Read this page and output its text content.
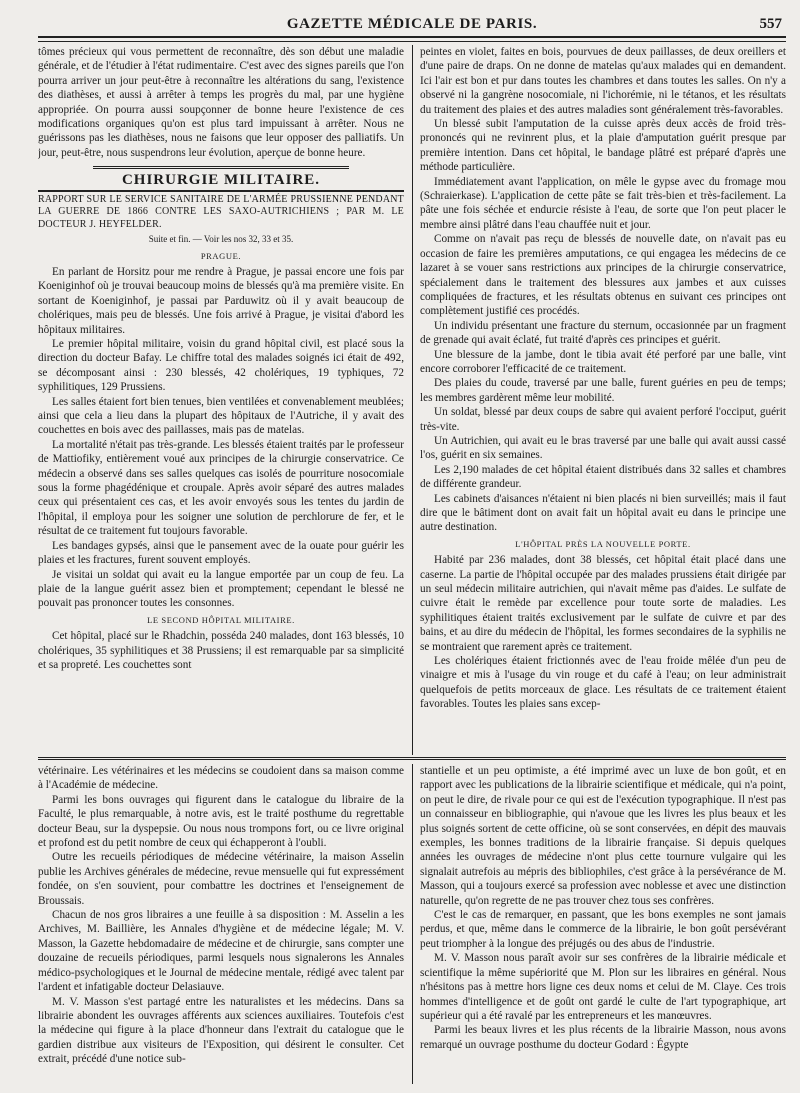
GAZETTE MÉDICALE DE PARIS.	557

tômes précieux qui vous permettent de reconnaître, dès son début une maladie générale, et de l'étudier à l'état rudimentaire. C'est avec des signes pareils que l'on pourra arriver un jour peut-être à reconnaître les altérations du sang, l'existence des diathèses, et aussi à arrêter à temps les progrès du mal, par une hygiène appropriée. On pourra aussi soupçonner de bonne heure l'existence de ces modifications organiques qu'on est plus tard impuissant à arrêter. Nous ne guérissons pas les diathèses, nous ne faisons que leur opposer des palliatifs. Un jour, peut-être, nous suspendrons leur évolution, aperçue de bonne heure.

CHIRURGIE MILITAIRE.

RAPPORT SUR LE SERVICE SANITAIRE DE L'ARMÉE PRUSSIENNE PENDANT LA GUERRE DE 1866 CONTRE LES SAXO-AUTRICHIENS ; PAR M. LE DOCTEUR J. HEYFELDER.

Suite et fin. — Voir les nos 32, 33 et 35.
PRAGUE.

En parlant de Horsitz pour me rendre à Prague, je passai encore une fois par Koeniginhof où je trouvai beaucoup moins de blessés qu'à ma première visite. En sortant de Koeniginhof, je passai par Parduwitz où il y avait beaucoup de cholériques, mais peu de blessés. Une fois arrivé à Prague, je visitai d'abord les hôpitaux militaires.

Le premier hôpital militaire, voisin du grand hôpital civil, est placé sous la direction du docteur Bafay. Le chiffre total des malades soignés ici était de 492, se décomposant ainsi : 230 blessés, 42 cholériques, 19 typhiques, 72 syphilitiques, 129 Prussiens.

Les salles étaient fort bien tenues, bien ventilées et convenablement meublées; ainsi que cela a lieu dans la plupart des hôpitaux de l'Autriche, il y avait des couchettes en bois avec des paillasses, mais pas de matelas.

La mortalité n'était pas très-grande. Les blessés étaient traités par le professeur de Mattiofiky, entièrement voué aux principes de la chirurgie conservatrice. Ce médecin a observé dans ses salles quelques cas isolés de pourriture nosocomiale sous la forme phagédénique et croupale. Après avoir séparé des autres malades ceux qui présentaient ces cas, et les avoir envoyés sous les tentes du jardin de l'hôpital, il employa pour les soigner une solution de perchlorure de fer, et le résultat de ce traitement fut toujours favorable.

Les bandages gypsés, ainsi que le pansement avec de la ouate pour guérir les plaies et les fractures, furent souvent employés.

Je visitai un soldat qui avait eu la langue emportée par un coup de feu. La plaie de la langue guérit assez bien et promptement; cependant le blessé ne pouvait pas prononcer toutes les consonnes.

LE SECOND HÔPITAL MILITAIRE.

Cet hôpital, placé sur le Rhadchin, posséda 240 malades, dont 163 blessés, 10 cholériques, 35 syphilitiques et 38 Prussiens; il est remarquable par sa simplicité et sa propreté. Les couchettes sont

peintes en violet, faites en bois, pourvues de deux paillasses, de deux oreillers et d'une paire de draps. On ne donne de matelas qu'aux malades qui en demandent. Ici l'air est bon et pur dans toutes les chambres et dans toutes les salles. On n'y a observé ni la gangrène nosocomiale, ni l'ichorémie, ni le tétanos, et les résultats du traitement des plaies et des autres maladies sont généralement très-favorables.

Un blessé subit l'amputation de la cuisse après deux accès de froid très-prononcés qui ne revinrent plus, et la plaie d'amputation guérit presque par première intention. Dans cet hôpital, le bandage plâtré est préparé d'après une méthode particulière.

Immédiatement avant l'application, on mêle le gypse avec du fromage mou (Schraierkase). L'application de cette pâte se fait très-bien et très-facilement. La pâte une fois séchée et endurcie résiste à l'eau, de sorte que l'on peut placer le membre ainsi plâtré dans l'eau chauffée nuit et jour.

Comme on n'avait pas reçu de blessés de nouvelle date, on n'avait pas eu occasion de faire les premières amputations, ce qui engagea les médecins de ce lazaret à se vouer sans restrictions aux principes de la chirurgie conservatrice, spécialement dans le traitement des blessures aux jambes et aux cuisses compliquées de fractures, et les résultats obtenus en suivant ces principes ont complètement justifié ces procédés.

Un individu présentant une fracture du sternum, occasionnée par un fragment de grenade qui avait éclaté, fut traité d'après ces principes et guérit.

Une blessure de la jambe, dont le tibia avait été perforé par une balle, vint encore corroborer l'efficacité de ce traitement.

Des plaies du coude, traversé par une balle, furent guéries en peu de temps; les membres gardèrent même leur mobilité.

Un soldat, blessé par deux coups de sabre qui avaient perforé l'occiput, guérit très-vite.

Un Autrichien, qui avait eu le bras traversé par une balle qui avait aussi cassé l'os, guérit en six semaines.

Les 2,190 malades de cet hôpital étaient distribués dans 32 salles et chambres de différente grandeur.

Les cabinets d'aisances n'étaient ni bien placés ni bien surveillés; mais il faut dire que le bâtiment dont on avait fait un hôpital avait eu dans le principe une autre destination.

L'HÔPITAL PRÈS LA NOUVELLE PORTE.

Habité par 236 malades, dont 38 blessés, cet hôpital était placé dans une caserne. La partie de l'hôpital occupée par des malades prussiens était dirigée par un seul médecin militaire autrichien, qui n'avait même pas d'aides. Le sulfate de cuivre était le remède par excellence pour toute sorte de maladies. Les syphilitiques étaient traités exclusivement par le sulfate de cuivre et par des bains, et au dire du médecin de l'hôpital, les formes secondaires de la syphilis ne se montraient que rarement après ce traitement.

Les cholériques étaient frictionnés avec de l'eau froide mêlée d'un peu de vinaigre et mis à l'usage du vin rouge et du café à l'eau; on leur administrait quelquefois de petits morceaux de glace. Les résultats de ce traitement étaient favorables. Toutes les plaies sans excep-

vétérinaire. Les vétérinaires et les médecins se coudoient dans sa maison comme à l'Académie de médecine.

Parmi les bons ouvrages qui figurent dans le catalogue du libraire de la Faculté, le plus remarquable, à notre avis, est le traité posthume du regrettable docteur Beau, sur la dyspepsie. Ou nous nous trompons fort, ou ce livre original et profond est du petit nombre de ceux qui échapperont à l'oubli.

Outre les recueils périodiques de médecine vétérinaire, la maison Asselin publie les Archives générales de médecine, revue mensuelle qui fut expressément fondée, on s'en souvient, pour combattre les doctrines et l'enseignement de Broussais.

Chacun de nos gros libraires a une feuille à sa disposition : M. Asselin a les Archives, M. Baillière, les Annales d'hygiène et de médecine légale; M. V. Masson, la Gazette hebdomadaire de médecine et de chirurgie, sans compter une douzaine de recueils périodiques, parmi lesquels nous signalerons les Annales médico-psychologiques et le Journal de médecine mentale, rédigé avec talent par l'ardent et infatigable docteur Delasiauve.

M. V. Masson s'est partagé entre les naturalistes et les médecins. Dans sa librairie abondent les ouvrages afférents aux sciences auxiliaires. Toutefois c'est la médecine qui figure à la place d'honneur dans l'extrait du catalogue que le gardien distribue aux visiteurs de l'Exposition, qui désirent le consulter. Cet extrait, précédé d'une notice sub-

stantielle et un peu optimiste, a été imprimé avec un luxe de bon goût, et en rapport avec les publications de la librairie scientifique et médicale, qui n'a point, on peut le dire, de rivale pour ce qui est de l'exécution typographique. Il n'est pas un connaisseur en bibliographie, qui n'avoue que les livres les plus beaux et les plus soignés sortent de cette officine, où se sont conservées, en dépit des mauvais exemples, les bonnes traditions de la librairie française. Si depuis quelques années les ouvrages de médecine n'ont plus cette tournure vulgaire qui les signalait autrefois au mépris des bibliophiles, c'est grâce à la persévérance de M. Masson, qui a toujours exercé sa profession avec noblesse et avec une distinction naturelle, qu'on regrette de ne pas trouver chez tous ses confrères.

C'est le cas de remarquer, en passant, que les bons exemples ne sont jamais perdus, et que, même dans le commerce de la librairie, le bon goût persévérant peut triompher à la longue des préjugés ou des abus de l'industrie.

M. V. Masson nous paraît avoir sur ses confrères de la librairie médicale et scientifique la même supériorité que M. Plon sur les libraires en général. Nous n'hésitons pas à mettre hors ligne ces deux noms et celui de M. Claye. Ces trois hommes d'intelligence et de goût ont gardé le culte de l'art typographique, art supérieur qui a été ravalé par les entrepreneurs et les manœuvres.

Parmi les beaux livres et les plus récents de la librairie Masson, nous avons remarqué un ouvrage posthume du docteur Godard : Égypte
